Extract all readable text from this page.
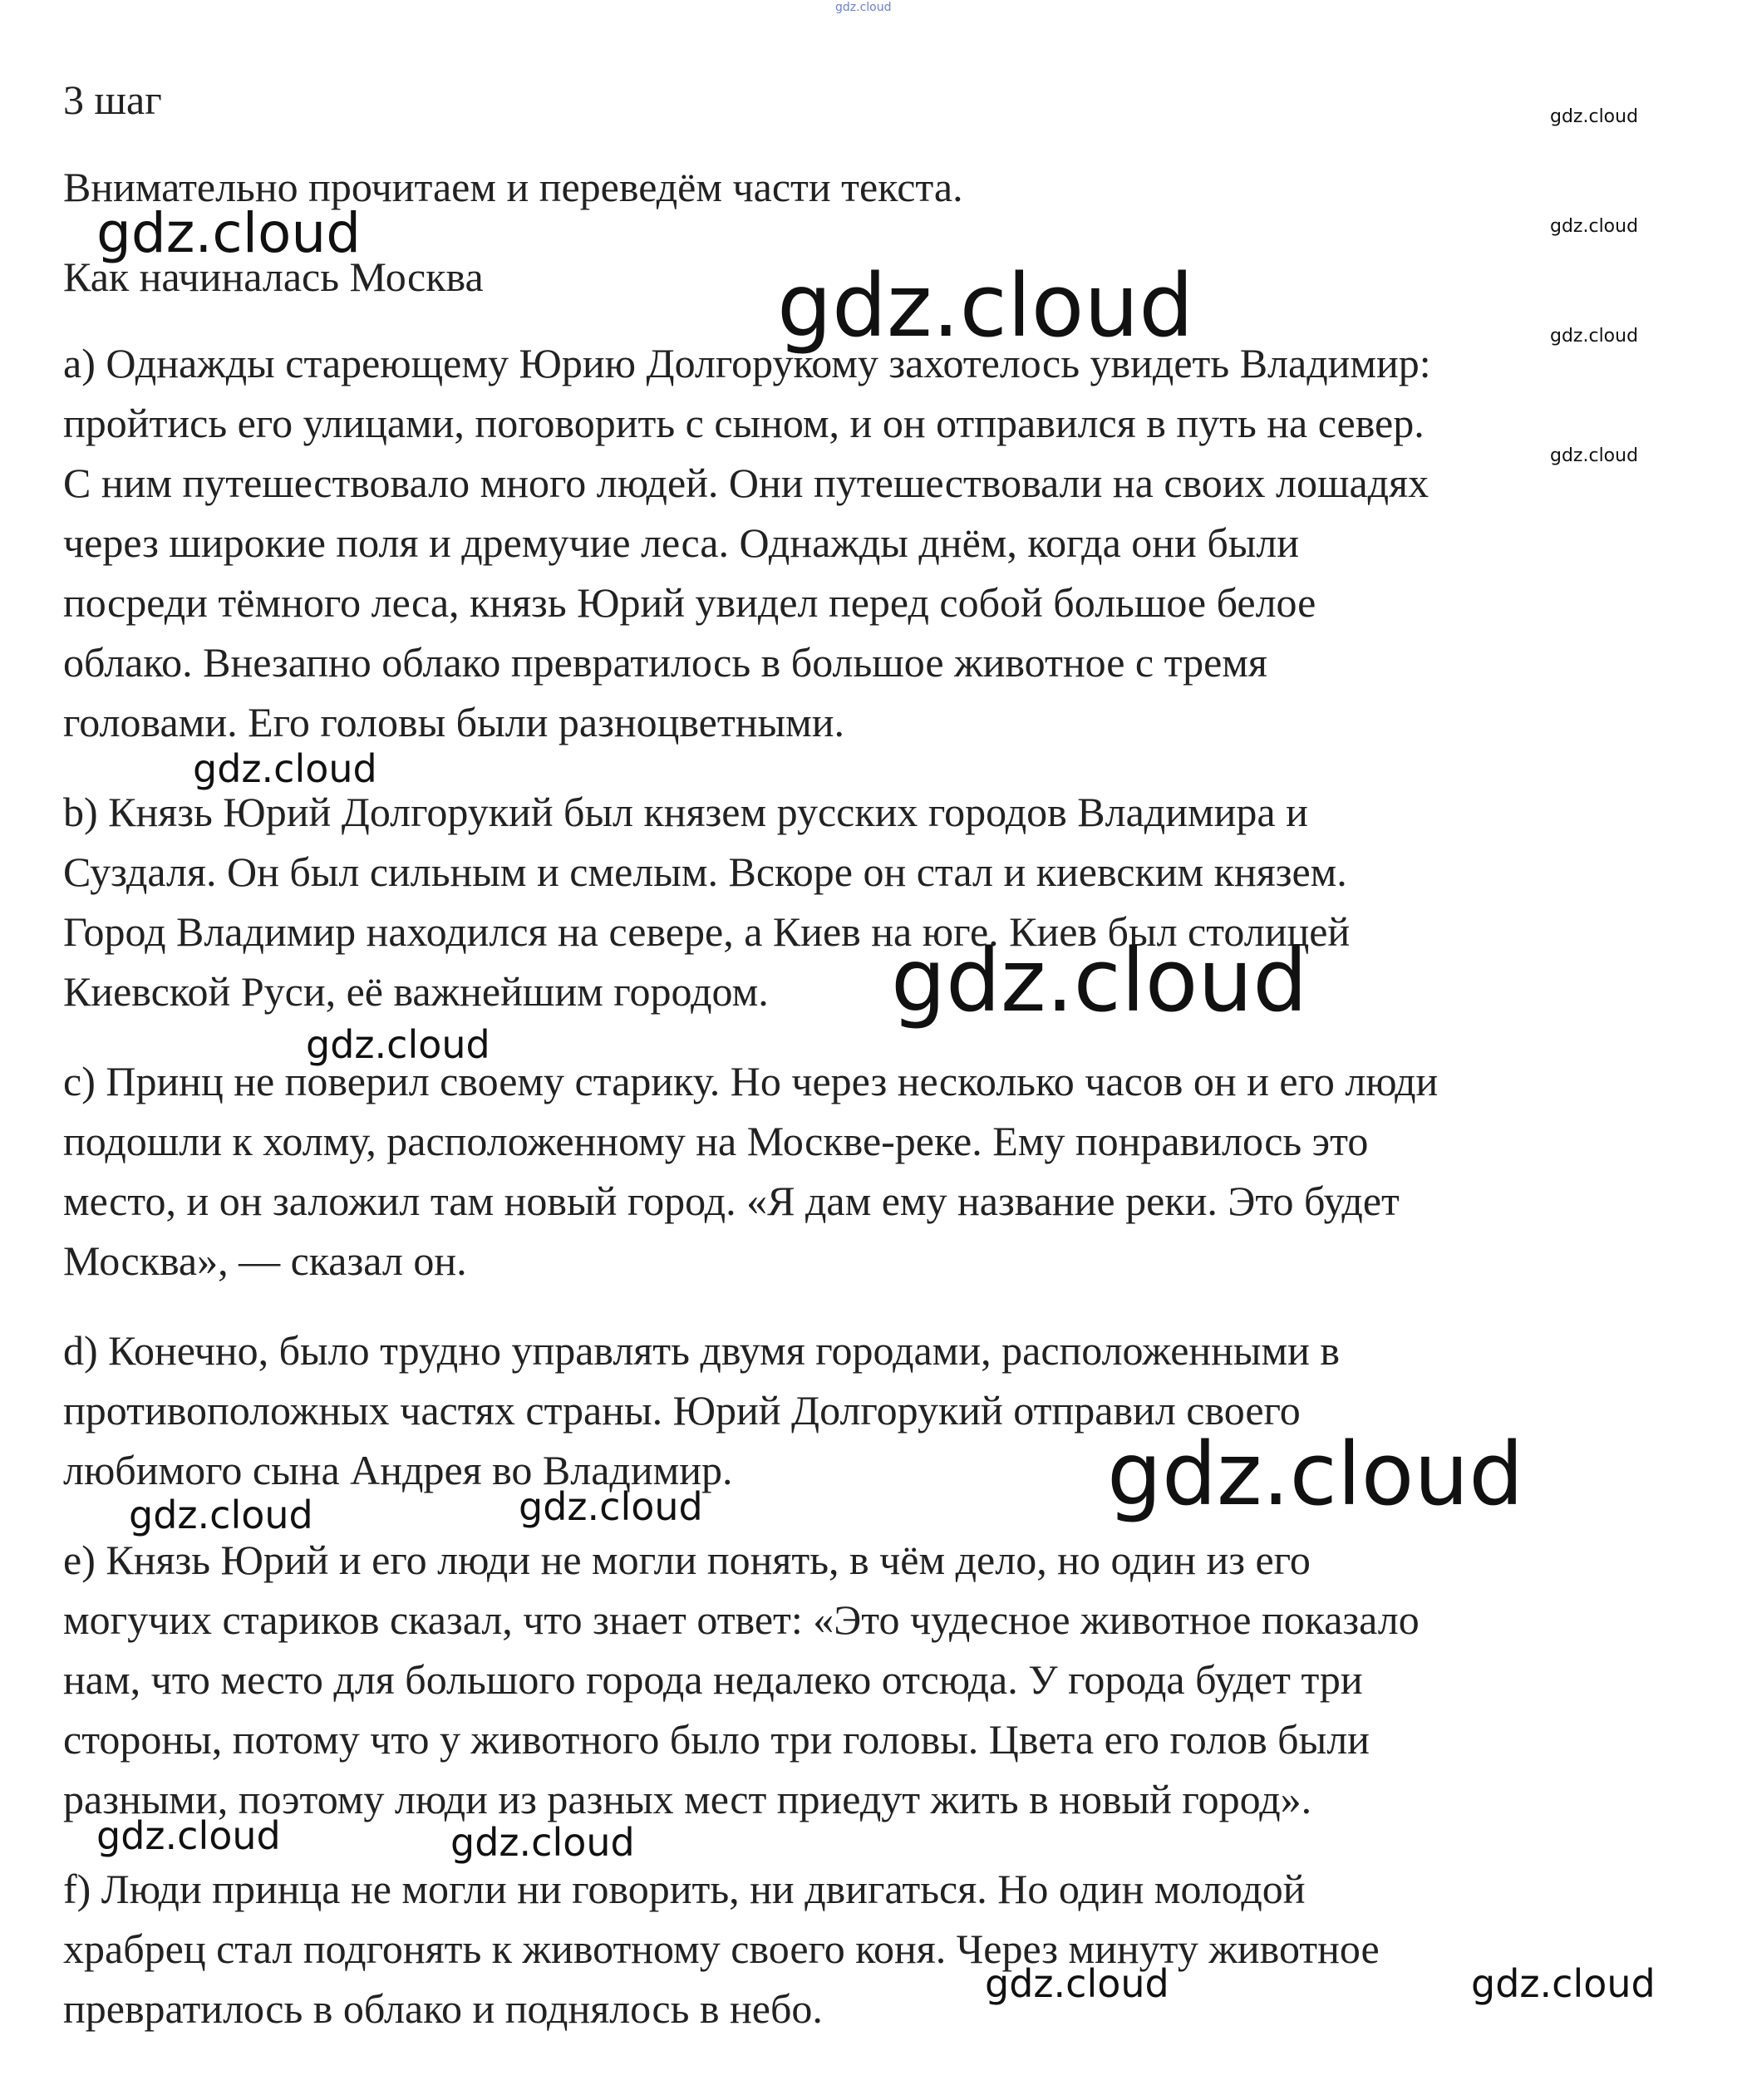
3 шаг
Внимательно прочитаем и переведём части текста.
Как начиналась Москва
a) Однажды стареющему Юрию Долгорукому захотелось увидеть Владимир:
пройтись его улицами, поговорить с сыном, и он отправился в путь на север.
С ним путешествовало много людей. Они путешествовали на своих лошадях
через широкие поля и дремучие леса. Однажды днём, когда они были
посреди тёмного леса, князь Юрий увидел перед собой большое белое
облако. Внезапно облако превратилось в большое животное с тремя
головами. Его головы были разноцветными.
b) Князь Юрий Долгорукий был князем русских городов Владимира и
Суздаля. Он был сильным и смелым. Вскоре он стал и киевским князем.
Город Владимир находился на севере, а Киев на юге. Киев был столицей
Киевской Руси, её важнейшим городом.
c) Принц не поверил своему старику. Но через несколько часов он и его люди
подошли к холму, расположенному на Москве-реке. Ему понравилось это
место, и он заложил там новый город. «Я дам ему название реки. Это будет
Москва», — сказал он.
d) Конечно, было трудно управлять двумя городами, расположенными в
противоположных частях страны. Юрий Долгорукий отправил своего
любимого сына Андрея во Владимир.
e) Князь Юрий и его люди не могли понять, в чём дело, но один из его
могучих стариков сказал, что знает ответ: «Это чудесное животное показало
нам, что место для большого города недалеко отсюда. У города будет три
стороны, потому что у животного было три головы. Цвета его голов были
разными, поэтому люди из разных мест приедут жить в новый город».
f) Люди принца не могли ни говорить, ни двигаться. Но один молодой
храбрец стал подгонять к животному своего коня. Через минуту животное
превратилось в облако и поднялось в небо.
gdz.cloud
gdz.cloud
gdz.cloud
gdz.cloud
gdz.cloud
gdz.cloud
gdz.cloud
gdz.cloud
gdz.cloud
gdz.cloud
gdz.cloud
gdz.cloud	gdz.cloud
gdz.cloud	gdz.cloud
gdz.cloud	gdz.cloud
